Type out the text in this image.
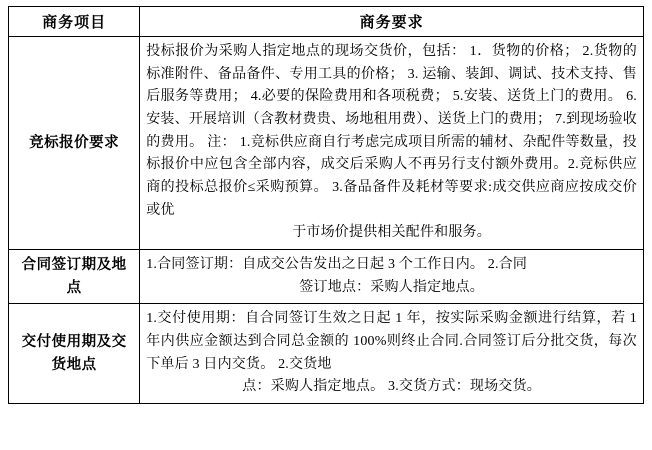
商务项目	商务要求
竞标报价要求	投标报价为采购人指定地点的现场交货价，包括： 1．货物的价格； 2.货物的标准附件、备品备件、专用工具的价格； 3. 运输、装卸、调试、技术支持、售后服务等费用； 4.必要的保险费用和各项税费； 5.安装、送货上门的费用。 6.安装、开展培训（含教材费贵、场地租用费）、送货上门的费用； 7.到现场验收的费用。 注： 1.竞标供应商自行考虑完成项目所需的辅材、杂配件等数量，投标报价中应包含全部内容，成交后采购人不再另行支付额外费用。2.竞标供应商的投标总报价≤采购预算。 3.备品备件及耗材等要求:成交供应商应按成交价或优

于市场价提供相关配件和服务。

合同签订期及地点	1.合同签订期：自成交公告发出之日起 3 个工作日内。 2.合同

签订地点：采购人指定地点。

交付使用期及交货地点	1.交付使用期：自合同签订生效之日起 1 年，按实际采购金额进行结算，若 1 年内供应金额达到合同总金额的 100%则终止合同.合同签订后分批交货，每次下单后 3 日内交货。 2.交货地

点：采购人指定地点。 3.交货方式：现场交货。
